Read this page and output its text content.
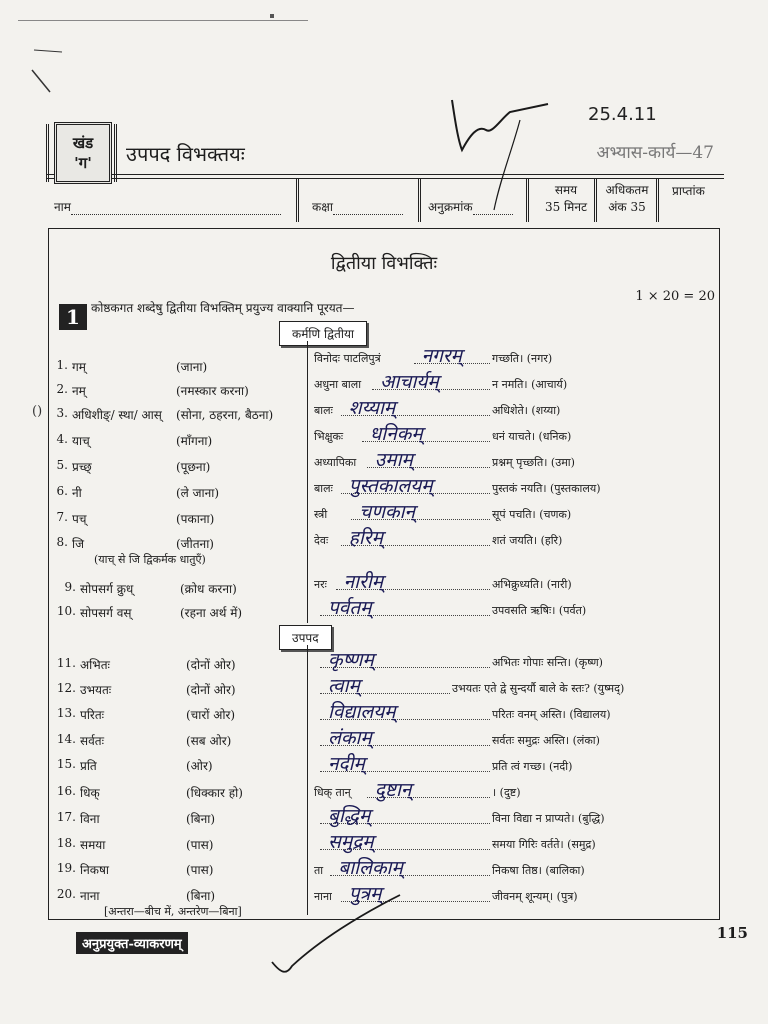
25.4.11
खंड
'ग'	उपपद विभक्तयः	अभ्यास-कार्य—47
नाम	कक्षा	अनुक्रमांक
समय
35 मिनट
अधिकतम
अंक 35
प्राप्तांक
द्वितीया विभक्तिः
1 कोष्ठकगत शब्देषु द्वितीया विभक्तिम् प्रयुज्य वाक्यानि पूरयत—
1 × 20 = 20
कर्मणि द्वितीया
उपपद
1. गम्	(जाना)
2. नम्	(नमस्कार करना)
3. अधिशीङ्/ स्था/ आस् (सोना, ठहरना, बैठना)
4. याच्	(माँगना)
5. प्रच्छ्	(पूछना)
6. नी	(ले जाना)
7. पच्	(पकाना)
8. जि	(जीतना)
9. सोपसर्ग क्रुध्	(क्रोध करना)
10. सोपसर्ग वस्	(रहना अर्थ में)
11. अभितः	(दोनों ओर)
12. उभयतः	(दोनों ओर)
13. परितः	(चारों ओर)
14. सर्वतः	(सब ओर)
15. प्रति	(ओर)
16. धिक्	(धिक्कार हो)
17. विना	(बिना)
18. समया	(पास)
19. निकषा	(पास)
20. नाना	(बिना)
(याच् से जि द्विकर्मक धातुएँ)
[अन्तरा—बीच में, अन्तरेण—बिना]
विनोदः पाटलिपुत्रं नगरम्	गच्छति। (नगर)
अधुना बाला आचार्यम्	न नमति। (आचार्य)
बालः शय्याम्	अधिशेते। (शय्या)
भिक्षुकः धनिकम्	धनं याचते। (धनिक)
अध्यापिका उमाम्	प्रश्नम् पृच्छति। (उमा)
बालः पुस्तकालयम्	पुस्तकं नयति। (पुस्तकालय)
स्त्री चणकान्	सूपं पचति। (चणक)
देवः हरिम्	शतं जयति। (हरि)
नरः नारीम्	अभिक्रुध्यति। (नारी)
पर्वतम्	उपवसति ऋषिः। (पर्वत)
कृष्णम्	अभितः गोपाः सन्ति। (कृष्ण)
त्वाम्	उभयतः एते द्वे सुन्दर्यौ बाले के स्तः? (युष्मद्)
विद्यालयम्	परितः वनम् अस्ति। (विद्यालय)
लंकाम्	सर्वतः समुद्रः अस्ति। (लंका)
नदीम्	प्रति त्वं गच्छ। (नदी)
धिक् तान् दुष्टान्	। (दुष्ट)
बुद्धिम्	विना विद्या न प्राप्यते। (बुद्धि)
समुद्रम्	समया गिरिः वर्तते। (समुद्र)
ता बालिकाम्	निकषा तिष्ठ। (बालिका)
नाना पुत्रम्	जीवनम् शून्यम्। (पुत्र)
अनुप्रयुक्त-व्याकरणम्
115
()
